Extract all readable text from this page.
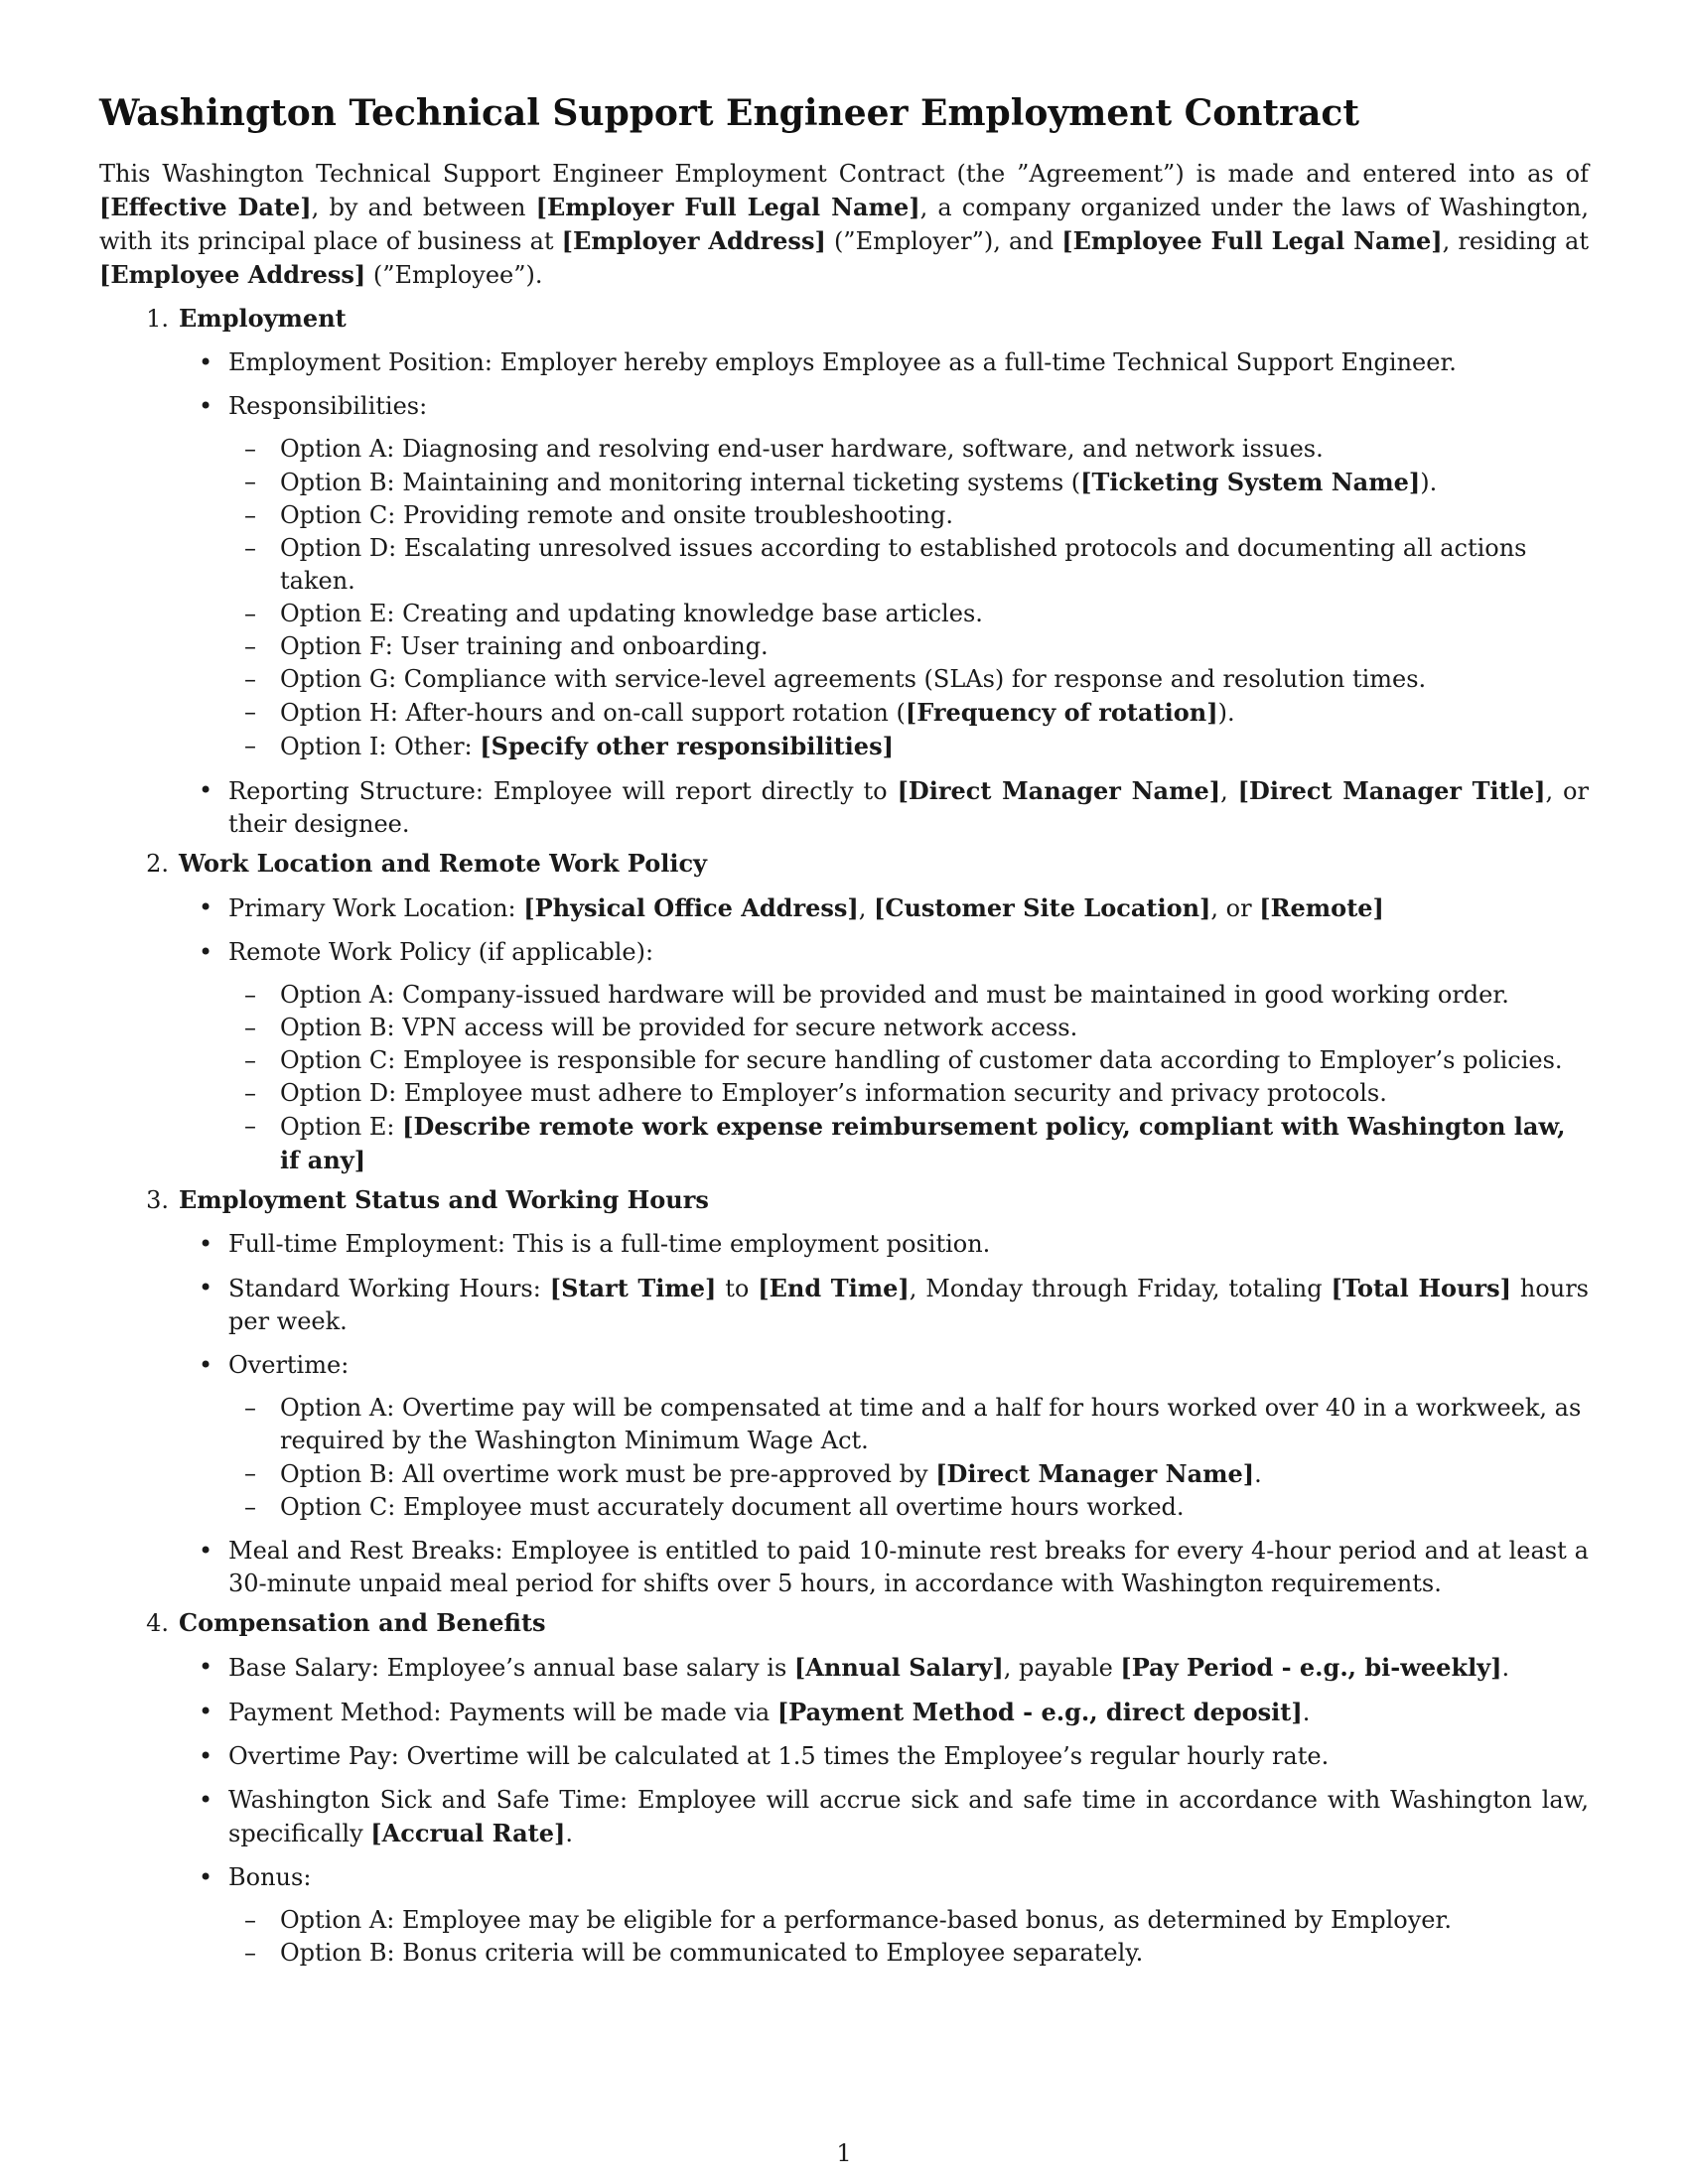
Washington Technical Support Engineer Employment Contract

This Washington Technical Support Engineer Employment Contract (the ”Agreement”) is made and entered into as of [Effective Date], by and between [Employer Full Legal Name], a company organized under the laws of Washington, with its principal place of business at [Employer Address] (”Employer”), and [Employee Full Legal Name], residing at [Employee Address] (”Employee”).

1. Employment
• Employment Position: Employer hereby employs Employee as a full-time Technical Support Engineer.
• Responsibilities:
– Option A: Diagnosing and resolving end-user hardware, software, and network issues.
– Option B: Maintaining and monitoring internal ticketing systems ([Ticketing System Name]).
– Option C: Providing remote and onsite troubleshooting.
– Option D: Escalating unresolved issues according to established protocols and documenting all actions taken.
– Option E: Creating and updating knowledge base articles.
– Option F: User training and onboarding.
– Option G: Compliance with service-level agreements (SLAs) for response and resolution times.
– Option H: After-hours and on-call support rotation ([Frequency of rotation]).
– Option I: Other: [Specify other responsibilities]
• Reporting Structure: Employee will report directly to [Direct Manager Name], [Direct Manager Title], or their designee.
2. Work Location and Remote Work Policy
• Primary Work Location: [Physical Office Address], [Customer Site Location], or [Remote]
• Remote Work Policy (if applicable):
– Option A: Company-issued hardware will be provided and must be maintained in good working order.
– Option B: VPN access will be provided for secure network access.
– Option C: Employee is responsible for secure handling of customer data according to Employer’s policies.
– Option D: Employee must adhere to Employer’s information security and privacy protocols.
– Option E: [Describe remote work expense reimbursement policy, compliant with Washington law, if any]
3. Employment Status and Working Hours
• Full-time Employment: This is a full-time employment position.
• Standard Working Hours: [Start Time] to [End Time], Monday through Friday, totaling [Total Hours] hours per week.
• Overtime:
– Option A: Overtime pay will be compensated at time and a half for hours worked over 40 in a workweek, as required by the Washington Minimum Wage Act.
– Option B: All overtime work must be pre-approved by [Direct Manager Name].
– Option C: Employee must accurately document all overtime hours worked.
• Meal and Rest Breaks: Employee is entitled to paid 10-minute rest breaks for every 4-hour period and at least a 30-minute unpaid meal period for shifts over 5 hours, in accordance with Washington requirements.
4. Compensation and Benefits
• Base Salary: Employee’s annual base salary is [Annual Salary], payable [Pay Period - e.g., bi-weekly].
• Payment Method: Payments will be made via [Payment Method - e.g., direct deposit].
• Overtime Pay: Overtime will be calculated at 1.5 times the Employee’s regular hourly rate.
• Washington Sick and Safe Time: Employee will accrue sick and safe time in accordance with Washington law, specifically [Accrual Rate].
• Bonus:
– Option A: Employee may be eligible for a performance-based bonus, as determined by Employer.
– Option B: Bonus criteria will be communicated to Employee separately.
1
